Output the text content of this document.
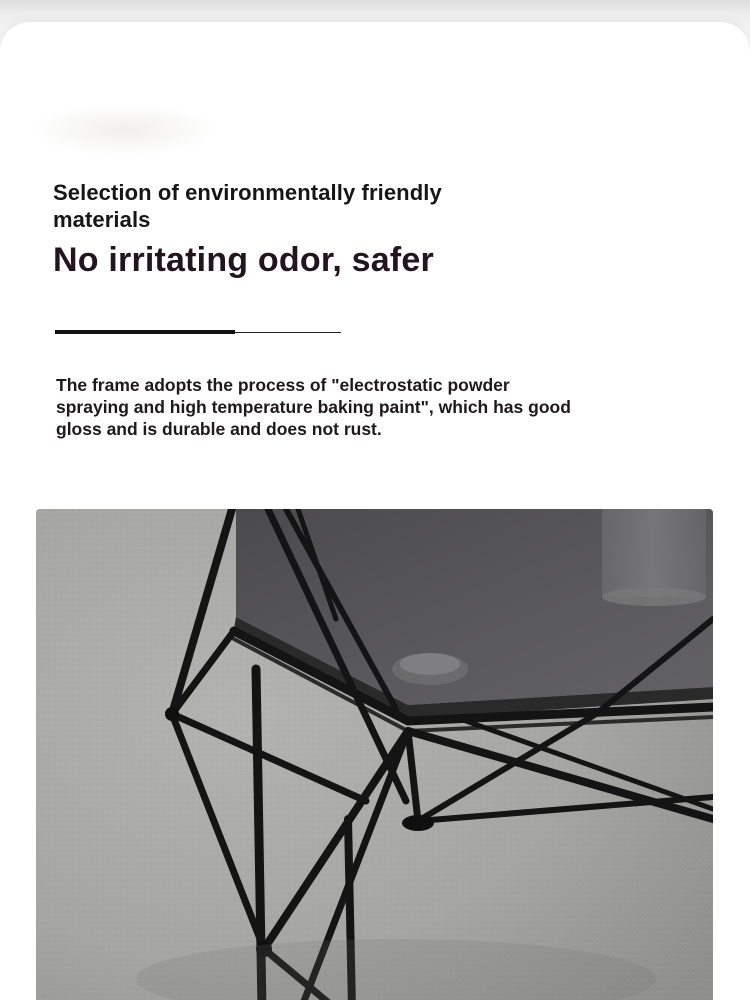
Selection of environmentally friendly materials
No irritating odor, safer
The frame adopts the process of "electrostatic powder spraying and high temperature baking paint", which has good gloss and is durable and does not rust.
